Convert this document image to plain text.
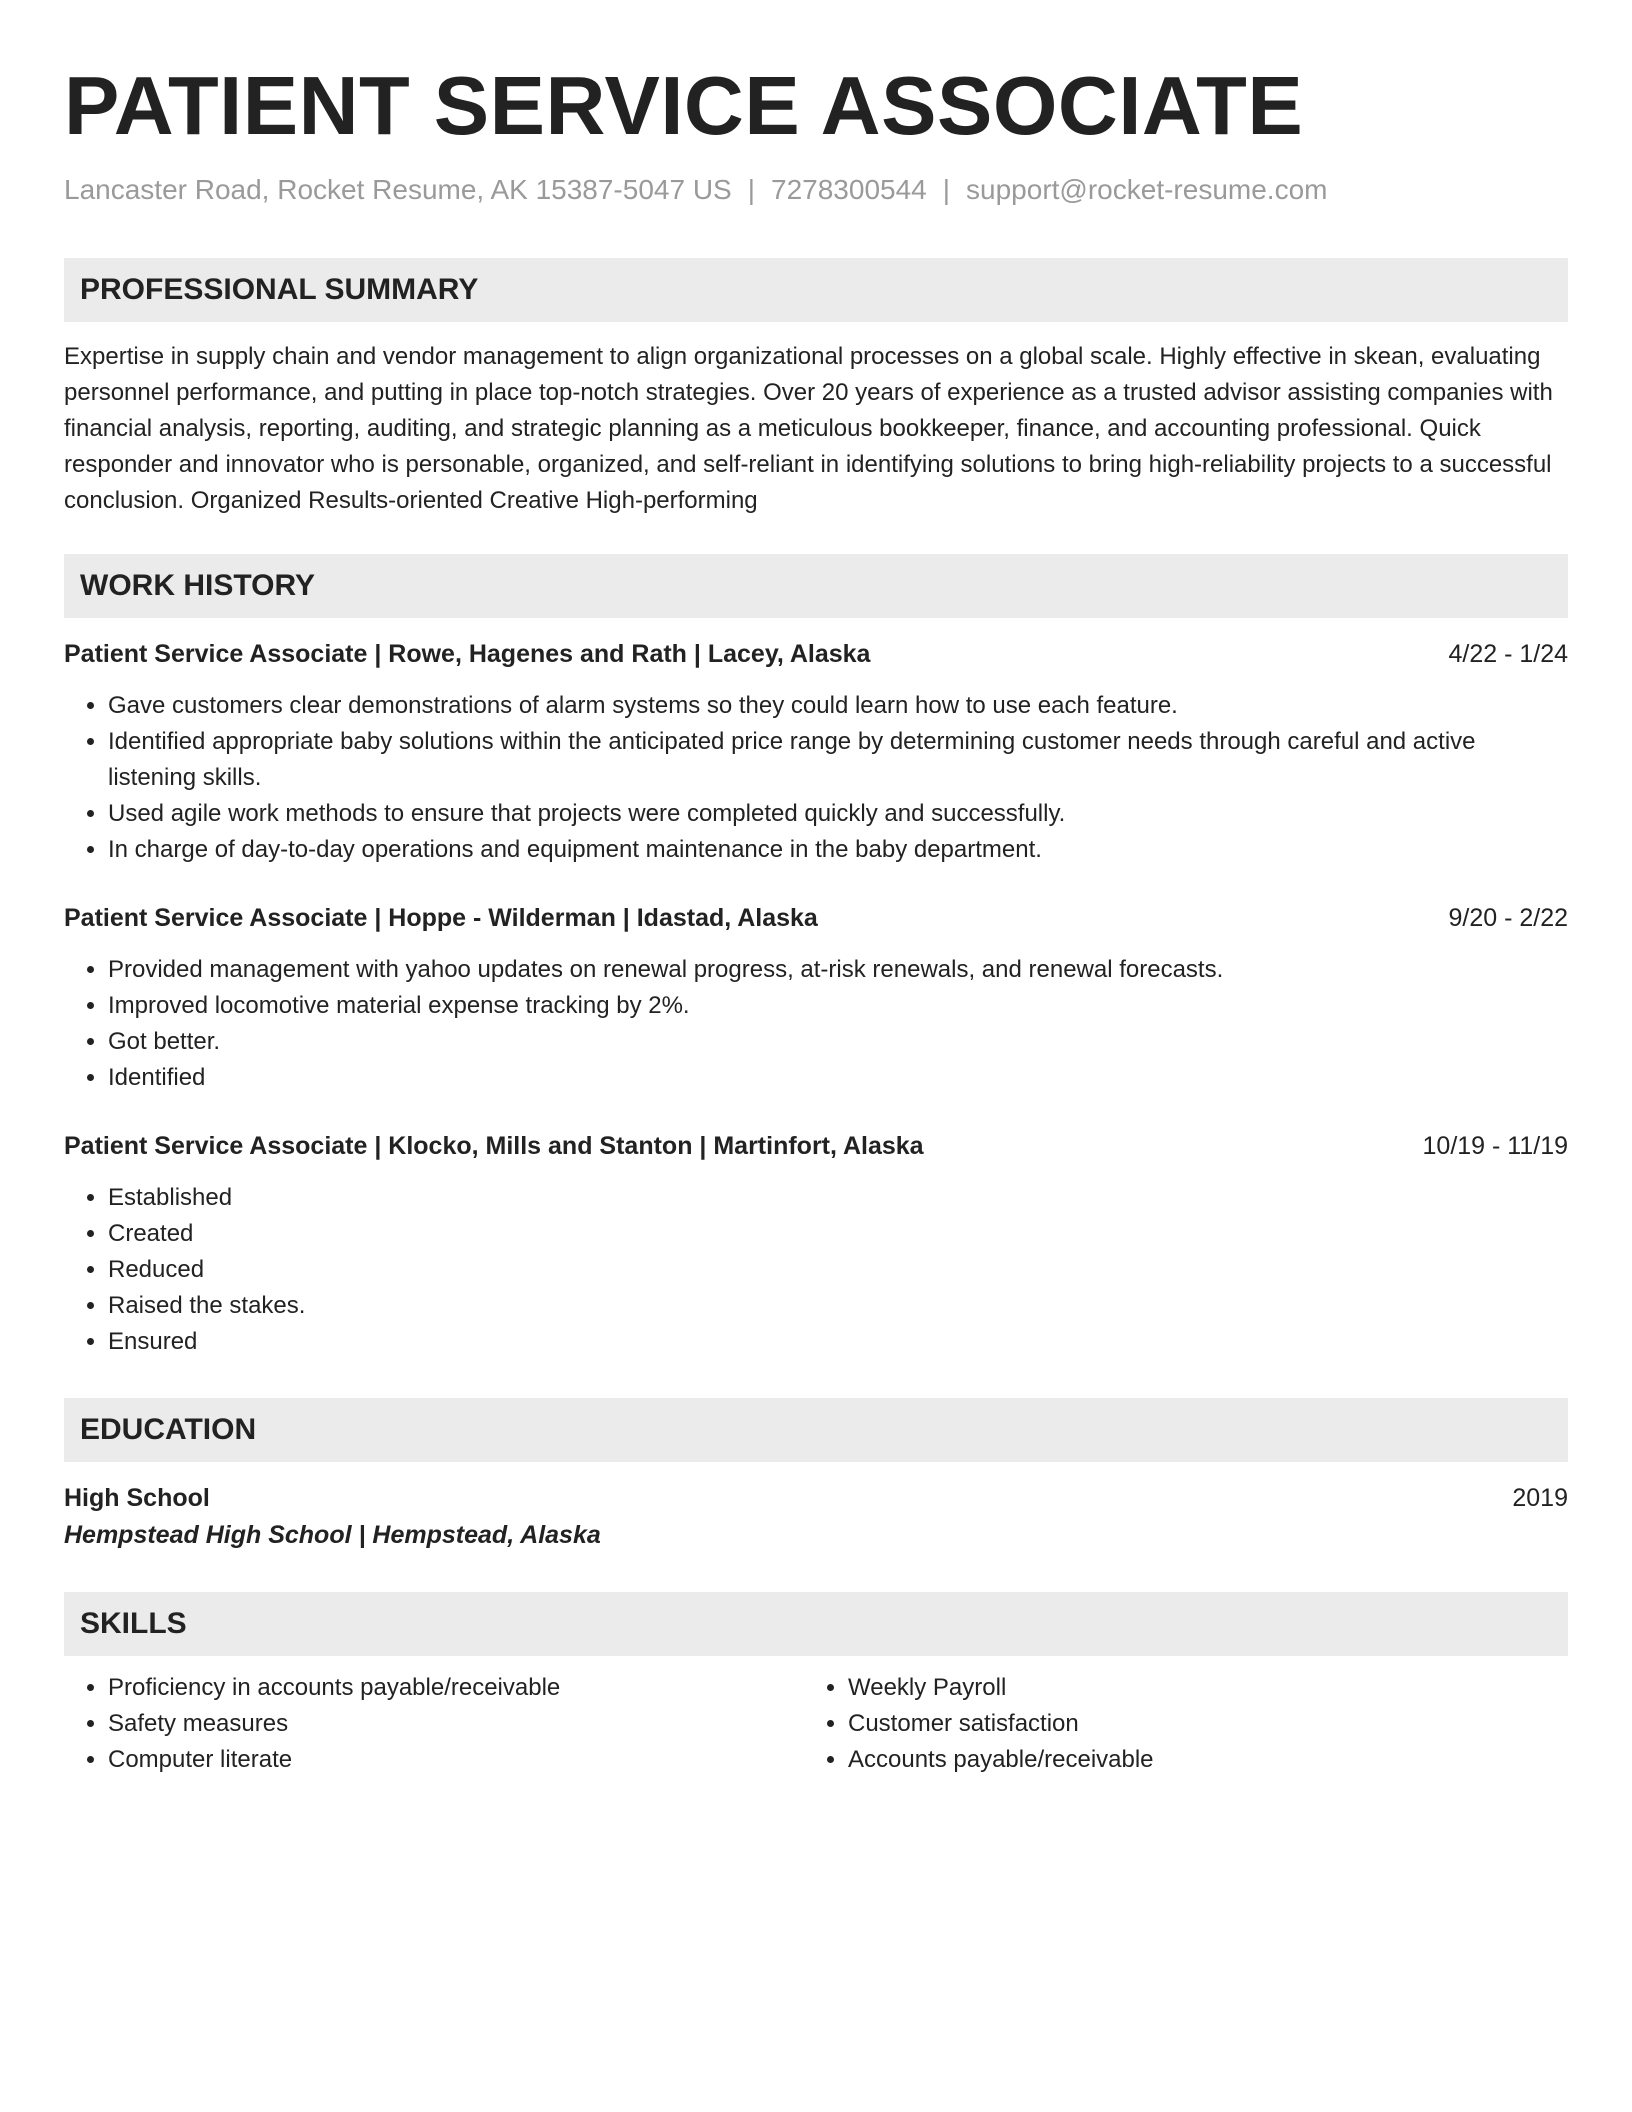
PATIENT SERVICE ASSOCIATE
Lancaster Road, Rocket Resume, AK 15387-5047 US | 7278300544 | support@rocket-resume.com
PROFESSIONAL SUMMARY
Expertise in supply chain and vendor management to align organizational processes on a global scale. Highly effective in skean, evaluating personnel performance, and putting in place top-notch strategies. Over 20 years of experience as a trusted advisor assisting companies with financial analysis, reporting, auditing, and strategic planning as a meticulous bookkeeper, finance, and accounting professional. Quick responder and innovator who is personable, organized, and self-reliant in identifying solutions to bring high-reliability projects to a successful conclusion. Organized Results-oriented Creative High-performing
WORK HISTORY
Patient Service Associate | Rowe, Hagenes and Rath | Lacey, Alaska	4/22 - 1/24
• Gave customers clear demonstrations of alarm systems so they could learn how to use each feature.
• Identified appropriate baby solutions within the anticipated price range by determining customer needs through careful and active listening skills.
• Used agile work methods to ensure that projects were completed quickly and successfully.
• In charge of day-to-day operations and equipment maintenance in the baby department.
Patient Service Associate | Hoppe - Wilderman | Idastad, Alaska	9/20 - 2/22
• Provided management with yahoo updates on renewal progress, at-risk renewals, and renewal forecasts.
• Improved locomotive material expense tracking by 2%.
• Got better.
• Identified
Patient Service Associate | Klocko, Mills and Stanton | Martinfort, Alaska	10/19 - 11/19
• Established
• Created
• Reduced
• Raised the stakes.
• Ensured
EDUCATION
High School	2019
Hempstead High School | Hempstead, Alaska
SKILLS
• Proficiency in accounts payable/receivable
• Safety measures
• Computer literate
• Weekly Payroll
• Customer satisfaction
• Accounts payable/receivable
